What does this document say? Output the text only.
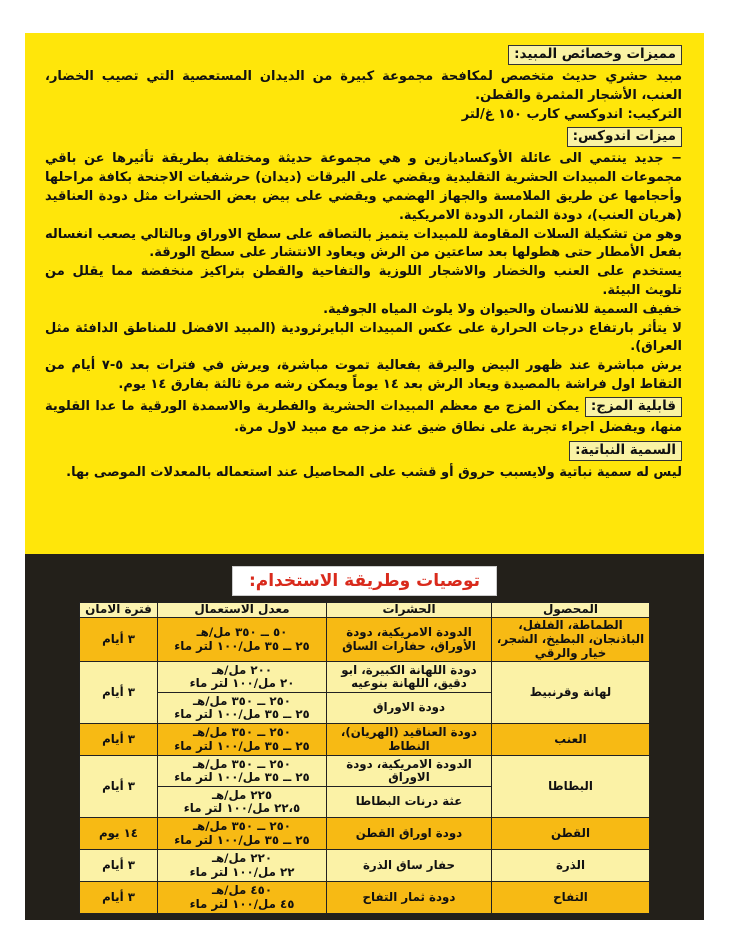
مميزات وخصائص المبيد:

مبيد حشري حديث متخصص لمكافحة مجموعة كبيرة من الديدان المستعصية التي تصيب الخضار، العنب، الأشجار المثمرة والقطن.

التركيب: اندوكسي كارب ١٥٠ غ/لتر

ميزات اندوكس:

− جديد ينتمي الى عائلة الأوكساديازين و هي مجموعة حديثة ومختلفة بطريقة تأثيرها عن باقي مجموعات المبيدات الحشرية التقليدية ويقضي على اليرقات (ديدان) حرشفيات الاجنحة بكافة مراحلها وأحجامها عن طريق الملامسة والجهاز الهضمي ويقضي على بيض بعض الحشرات مثل دودة العناقيد (هريان العنب)، دودة الثمار، الدودة الامريكية.

وهو من تشكيلة السلات المقاومة للمبيدات يتميز بالتصاقه على سطح الاوراق وبالتالي يصعب انغساله بفعل الأمطار حتى هطولها بعد ساعتين من الرش ويعاود الانتشار على سطح الورقة.

يستخدم على العنب والخضار والاشجار اللوزية والتفاحية والقطن بتراكيز منخفضة مما يقلل من تلويث البيئة.

خفيف السمية للانسان والحيوان ولا يلوث المياه الجوفية.

لا يتأثر بارتفاع درجات الحرارة على عكس المبيدات البايرثرودية (المبيد الافضل للمناطق الدافئة مثل العراق).

يرش مباشرة عند ظهور البيض واليرقة بفعالية تموت مباشرة، ويرش في فترات بعد ٥-٧ أيام من التقاط اول فراشة بالمصيدة ويعاد الرش بعد ١٤ يوماً ويمكن رشه مرة ثالثة بفارق ١٤ يوم.

قابلية المزج: يمكن المزج مع معظم المبيدات الحشرية والفطرية والاسمدة الورقية ما عدا القلوية منها، ويفضل اجراء تجربة على نطاق ضيق عند مزجه مع مبيد لاول مرة.

السمية النباتية:

ليس له سمية نباتية ولايسبب حروق أو قشب على المحاصيل عند استعماله بالمعدلات الموصى بها.

توصيات وطريقة الاستخدام:
المحصول	الحشرات	معدل الاستعمال	فترة الامان
الطماطة، الفلفل، الباذنجان، البطيخ، الشجر، خيار والرقي	الدودة الامريكية، دودة الأوراق، حفارات الساق	٥٠ ــ ٣٥٠ مل/هـ
٢٥ ــ ٣٥ مل/١٠٠ لتر ماء	٣ أيام
لهانة وقرنبيط	دودة اللهانة الكبيرة، ابو دقيق، اللهانة بنوعيه	٢٠٠ مل/هـ
٢٠ مل/١٠٠ لتر ماء	٣ أيام
	دودة الاوراق	٢٥٠ ــ ٣٥٠ مل/هـ
٢٥ ــ ٣٥ مل/١٠٠ لتر ماء	

العنب	دودة العناقيد (الهريان)، النطاط	٢٥٠ ــ ٣٥٠ مل/هـ
٢٥ ــ ٣٥ مل/١٠٠ لتر ماء	٣ أيام
البطاطا	الدودة الامريكية، دودة الاوراق	٢٥٠ ــ ٣٥٠ مل/هـ
٢٥ ــ ٣٥ مل/١٠٠ لتر ماء	٣ أيام
	عثة درنات البطاطا	٢٢٥ مل/هـ
٢٢،٥ مل/١٠٠ لتر ماء	

القطن	دودة اوراق القطن	٢٥٠ ــ ٣٥٠ مل/هـ
٢٥ ــ ٣٥ مل/١٠٠ لتر ماء	١٤ يوم
الذرة	حفار ساق الذرة	٢٢٠ مل/هـ
٢٢ مل/١٠٠ لتر ماء	٣ أيام
التفاح	دودة ثمار التفاح	٤٥٠ مل/هـ
٤٥ مل/١٠٠ لتر ماء	٣ أيام
